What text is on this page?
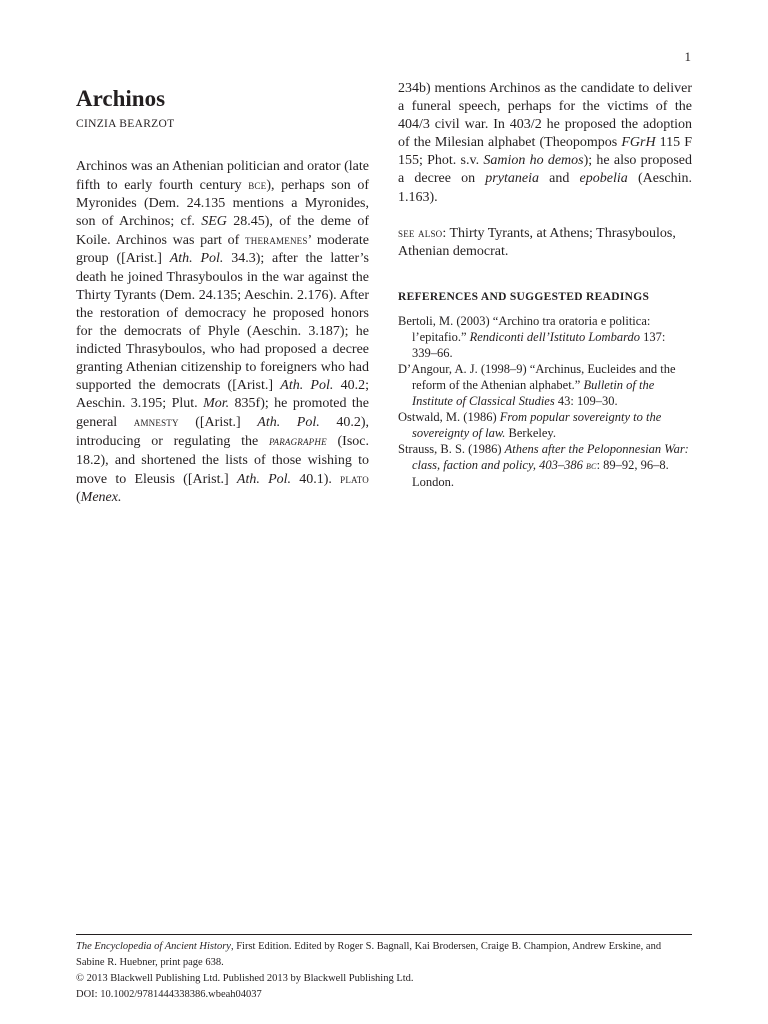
1
Archinos
CINZIA BEARZOT

Archinos was an Athenian politician and orator (late fifth to early fourth century bce), perhaps son of Myronides (Dem. 24.135 mentions a Myronides, son of Archinos; cf. SEG 28.45), of the deme of Koile. Archinos was part of theramenes’ moderate group ([Arist.] Ath. Pol. 34.3); after the latter’s death he joined Thrasyboulos in the war against the Thirty Tyrants (Dem. 24.135; Aeschin. 2.176). After the restoration of democracy he proposed honors for the democrats of Phyle (Aeschin. 3.187); he indicted Thrasyboulos, who had proposed a decree granting Athenian citizenship to foreigners who had supported the democrats ([Arist.] Ath. Pol. 40.2; Aeschin. 3.195; Plut. Mor. 835f); he promoted the general amnesty ([Arist.] Ath. Pol. 40.2), introducing or regulating the paragraphe (Isoc. 18.2), and shortened the lists of those wishing to move to Eleusis ([Arist.] Ath. Pol. 40.1). plato (Menex.

234b) mentions Archinos as the candidate to deliver a funeral speech, perhaps for the victims of the 404/3 civil war. In 403/2 he proposed the adoption of the Milesian alphabet (Theopompos FGrH 115 F 155; Phot. s.v. Samion ho demos); he also proposed a decree on prytaneia and epobelia (Aeschin. 1.163).

see also: Thirty Tyrants, at Athens; Thrasyboulos, Athenian democrat.
REFERENCES AND SUGGESTED READINGS
Bertoli, M. (2003) “Archino tra oratoria e politica: l’epitafio.” Rendiconti dell’Istituto Lombardo 137: 339–66.
D’Angour, A. J. (1998–9) “Archinus, Eucleides and the reform of the Athenian alphabet.” Bulletin of the Institute of Classical Studies 43: 109–30.
Ostwald, M. (1986) From popular sovereignty to the sovereignty of law. Berkeley.
Strauss, B. S. (1986) Athens after the Peloponnesian War: class, faction and policy, 403–386 bc: 89–92, 96–8. London.
The Encyclopedia of Ancient History, First Edition. Edited by Roger S. Bagnall, Kai Brodersen, Craige B. Champion, Andrew Erskine, and Sabine R. Huebner, print page 638.
© 2013 Blackwell Publishing Ltd. Published 2013 by Blackwell Publishing Ltd.
DOI: 10.1002/9781444338386.wbeah04037
